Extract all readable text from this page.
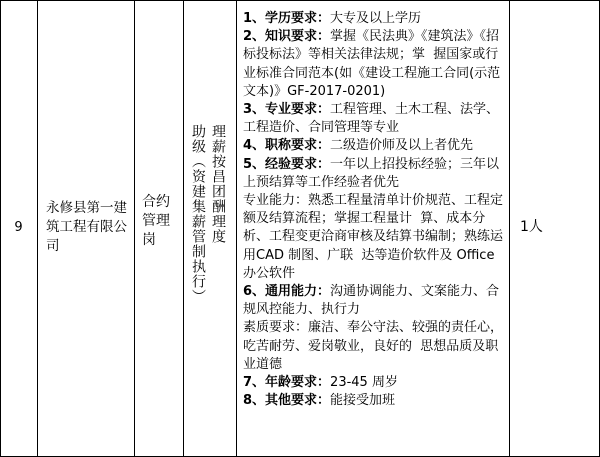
9
永修县第一建筑工程有限公司
合约管理岗	理薪按昌团酬理度
助级（资建集薪管制执行）

1、学历要求：大专及以上学历

2、知识要求：掌握《民法典》《建筑法》《招标投标法》等相关法律法规；掌  握国家或行业标准合同范本(如《建设工程施工合同(示范文本)》GF-2017-0201)

3、专业要求：工程管理、土木工程、法学、工程造价、合同管理等专业

4、职称要求：二级造价师及以上者优先

5、经验要求：一年以上招投标经验；三年以上预结算等工作经验者优先

专业能力：熟悉工程量清单计价规范、工程定额及结算流程；掌握工程量计  算、成本分析、工程变更洽商审核及结算书编制；熟练运用CAD 制图、广联  达等造价软件及 Office 办公软件

6、通用能力：沟通协调能力、文案能力、合规风控能力、执行力

素质要求：廉洁、奉公守法、较强的责任心，吃苦耐劳、爱岗敬业，良好的  思想品质及职业道德

7、年龄要求：23-45 周岁

8、其他要求：能接受加班

1人
